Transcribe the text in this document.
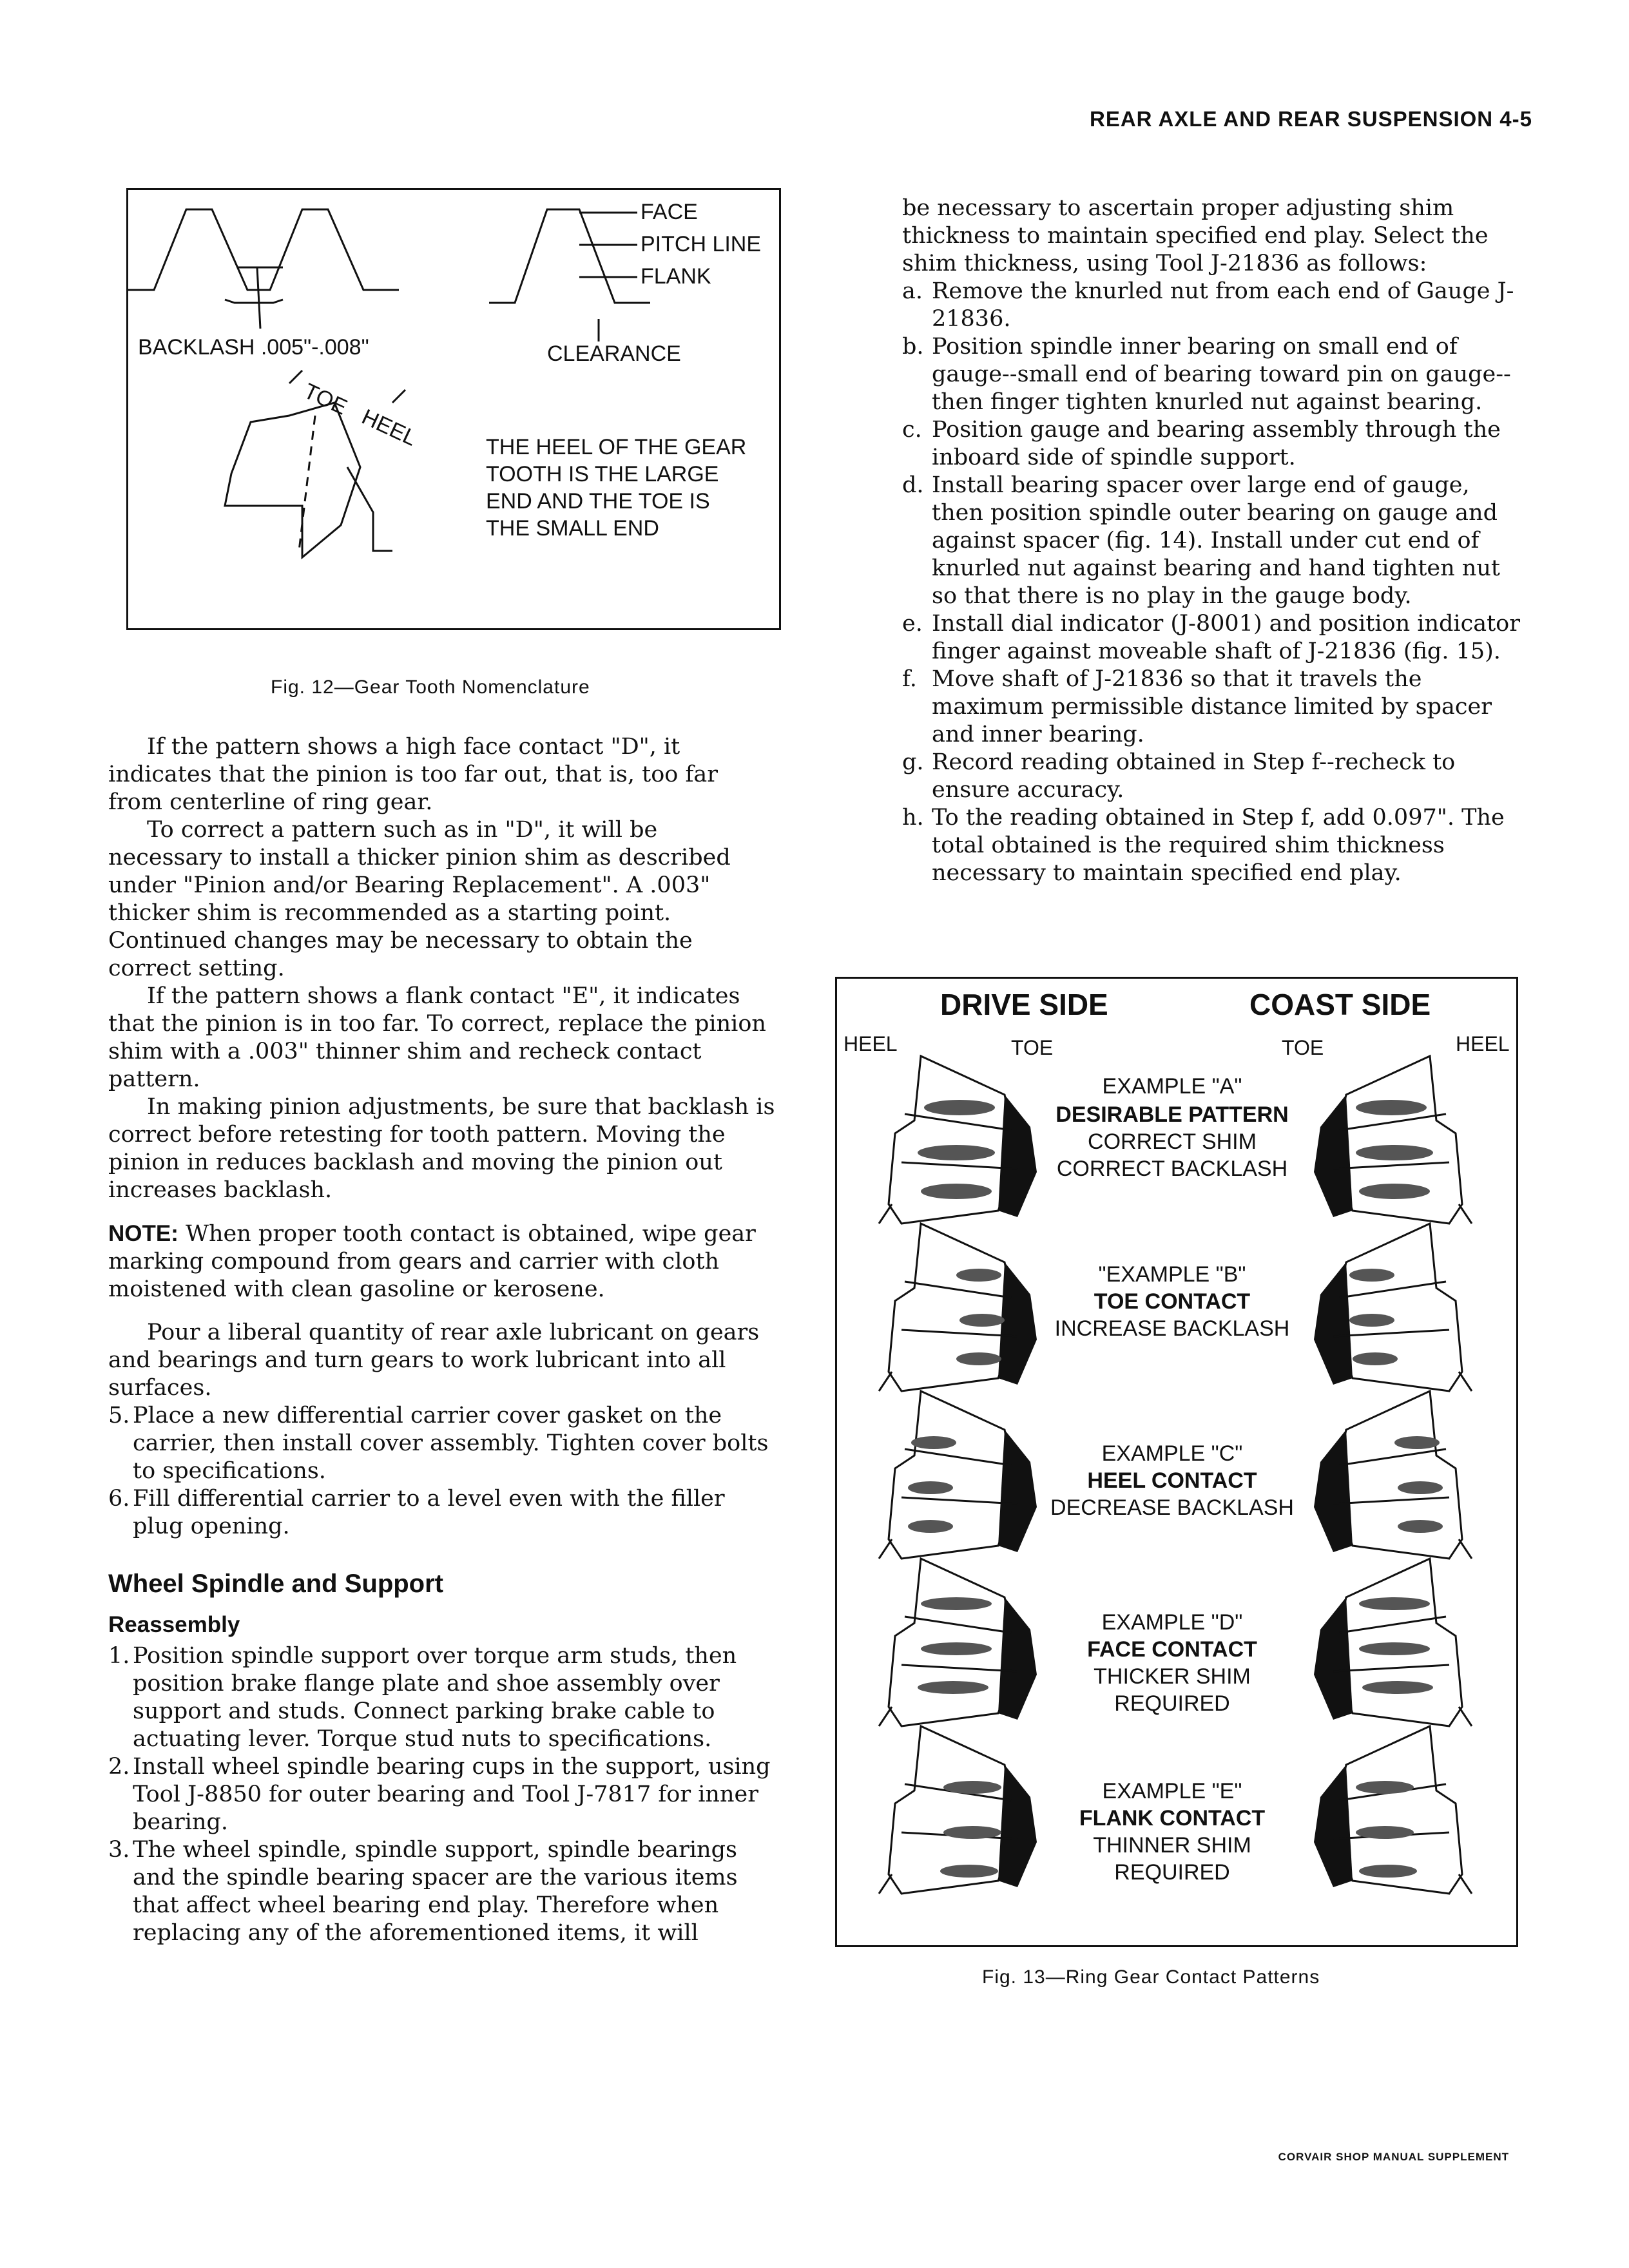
REAR AXLE AND REAR SUSPENSION 4-5
FACE
PITCH LINE
FLANK
BACKLASH .005"-.008"	CLEARANCE
TOE
HEEL	THE HEEL OF THE GEAR
TOOTH IS THE LARGE
END AND THE TOE IS
THE SMALL END
Fig. 12—Gear Tooth Nomenclature

If the pattern shows a high face contact "D", it indicates that the pinion is too far out, that is, too far from centerline of ring gear.

To correct a pattern such as in "D", it will be necessary to install a thicker pinion shim as described under "Pinion and/or Bearing Replacement". A .003" thicker shim is recommended as a starting point. Continued changes may be necessary to obtain the correct setting.

If the pattern shows a flank contact "E", it indicates that the pinion is in too far. To correct, replace the pinion shim with a .003" thinner shim and recheck contact pattern.

In making pinion adjustments, be sure that backlash is correct before retesting for tooth pattern. Moving the pinion in reduces backlash and moving the pinion out increases backlash.

NOTE: When proper tooth contact is obtained, wipe gear marking compound from gears and carrier with cloth moistened with clean gasoline or kerosene.

Pour a liberal quantity of rear axle lubricant on gears and bearings and turn gears to work lubricant into all surfaces.

5. Place a new differential carrier cover gasket on the carrier, then install cover assembly. Tighten cover bolts to specifications.
6. Fill differential carrier to a level even with the filler plug opening.
Wheel Spindle and Support
Reassembly
1. Position spindle support over torque arm studs, then position brake flange plate and shoe assembly over support and studs. Connect parking brake cable to actuating lever. Torque stud nuts to specifications.
2. Install wheel spindle bearing cups in the support, using Tool J-8850 for outer bearing and Tool J-7817 for inner bearing.
3. The wheel spindle, spindle support, spindle bearings and the spindle bearing spacer are the various items that affect wheel bearing end play. Therefore when replacing any of the aforementioned items, it will

be necessary to ascertain proper adjusting shim thickness to maintain specified end play. Select the shim thickness, using Tool J-21836 as follows:

a. Remove the knurled nut from each end of Gauge J-21836.
b. Position spindle inner bearing on small end of gauge--small end of bearing toward pin on gauge--then finger tighten knurled nut against bearing.
c. Position gauge and bearing assembly through the inboard side of spindle support.
d. Install bearing spacer over large end of gauge, then position spindle outer bearing on gauge and against spacer (fig. 14). Install under cut end of knurled nut against bearing and hand tighten nut so that there is no play in the gauge body.
e. Install dial indicator (J-8001) and position indicator finger against moveable shaft of J-21836 (fig. 15).
f. Move shaft of J-21836 so that it travels the maximum permissible distance limited by spacer and inner bearing.
g. Record reading obtained in Step f--recheck to ensure accuracy.
h. To the reading obtained in Step f, add 0.097". The total obtained is the required shim thickness necessary to maintain specified end play.
DRIVE SIDE	COAST SIDE
HEEL	TOE	TOE	HEEL
EXAMPLE "A"
DESIRABLE PATTERN
CORRECT SHIM
CORRECT BACKLASH
"EXAMPLE "B"
TOE CONTACT
INCREASE BACKLASH
EXAMPLE "C"
HEEL CONTACT
DECREASE BACKLASH
EXAMPLE "D"
FACE CONTACT
THICKER SHIM
REQUIRED
EXAMPLE "E"
FLANK CONTACT
THINNER SHIM
REQUIRED
Fig. 13—Ring Gear Contact Patterns
CORVAIR SHOP MANUAL SUPPLEMENT
